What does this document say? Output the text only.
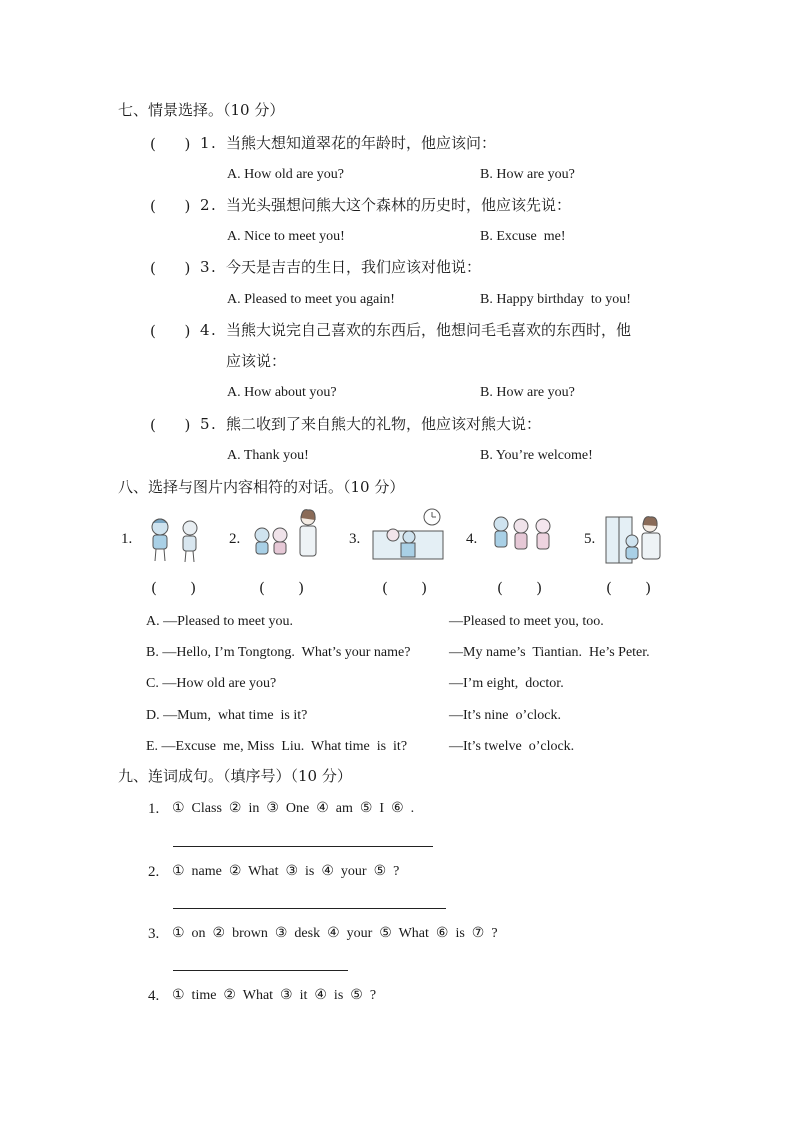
七、情景选择。（10 分）
(      ) 1 . 当熊大想知道翠花的年龄时，他应该问：
A. How old are you?	B. How are you?
(      ) 2 . 当光头强想问熊大这个森林的历史时，他应该先说：
A. Nice to meet you!	B. Excuse  me!
(      ) 3 . 今天是吉吉的生日，我们应该对他说：
A. Pleased to meet you again!	B. Happy birthday  to you!
(      ) 4 . 当熊大说完自己喜欢的东西后，他想问毛毛喜欢的东西时，他
应该说：
A. How about you?	B. How are you?
(      ) 5 . 熊二收到了来自熊大的礼物，他应该对熊大说：
A. Thank you!	B. You’re welcome!
八、选择与图片内容相符的对话。（10 分）
1.	2.	3.	4.	5.
(       )	(       )	(       )	(       )	(       )
A. —Pleased to meet you.	—Pleased to meet you, too.
B. —Hello, I’m Tongtong.  What’s your name?	—My name’s  Tiantian.  He’s Peter.
C. —How old are you?	—I’m eight,  doctor.
D. —Mum,  what time  is it?	—It’s nine  o’clock.
E. —Excuse  me, Miss  Liu.  What time  is  it?	—It’s twelve  o’clock.
九、连词成句。（填序号）（10 分）
1. ①  Class  ②  in  ③  One  ④  am  ⑤  I  ⑥  .
2. ①  name  ②  What  ③  is  ④  your  ⑤  ?
3. ①  on  ②  brown  ③  desk  ④  your  ⑤  What  ⑥  is  ⑦  ?
4. ①  time  ②  What  ③  it  ④  is  ⑤  ?
